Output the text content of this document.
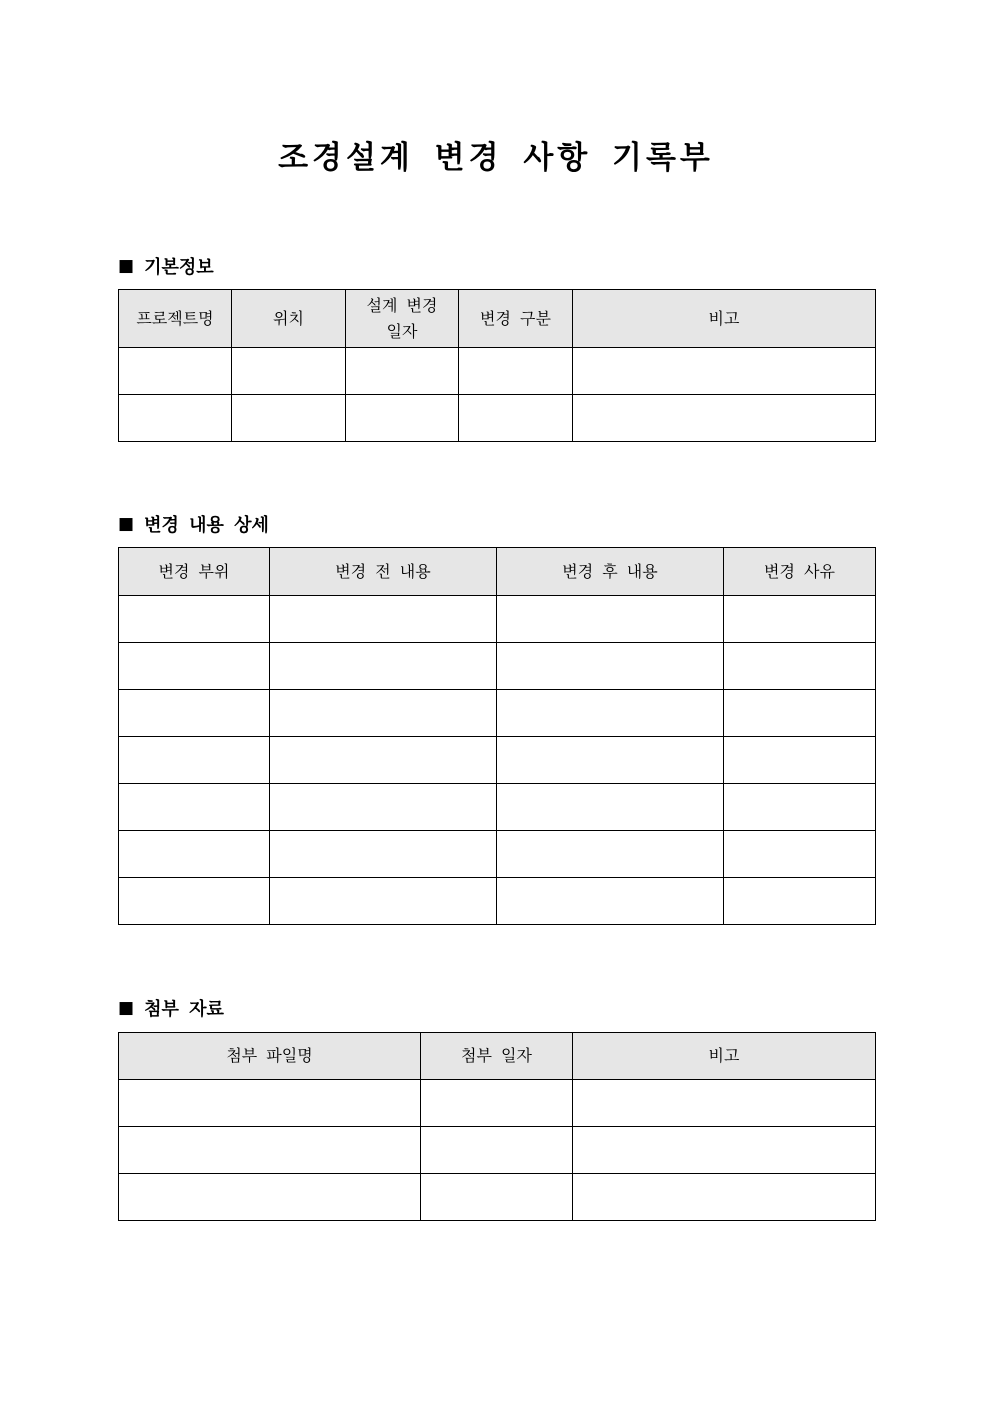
조경설계 변경 사항 기록부
■ 기본정보
프로젝트명	위치	설계 변경 일자	변경 구분	비고

■ 변경 내용 상세
변경 부위	변경 전 내용	변경 후 내용	변경 사유

■ 첨부 자료
첨부 파일명	첨부 일자	비고
